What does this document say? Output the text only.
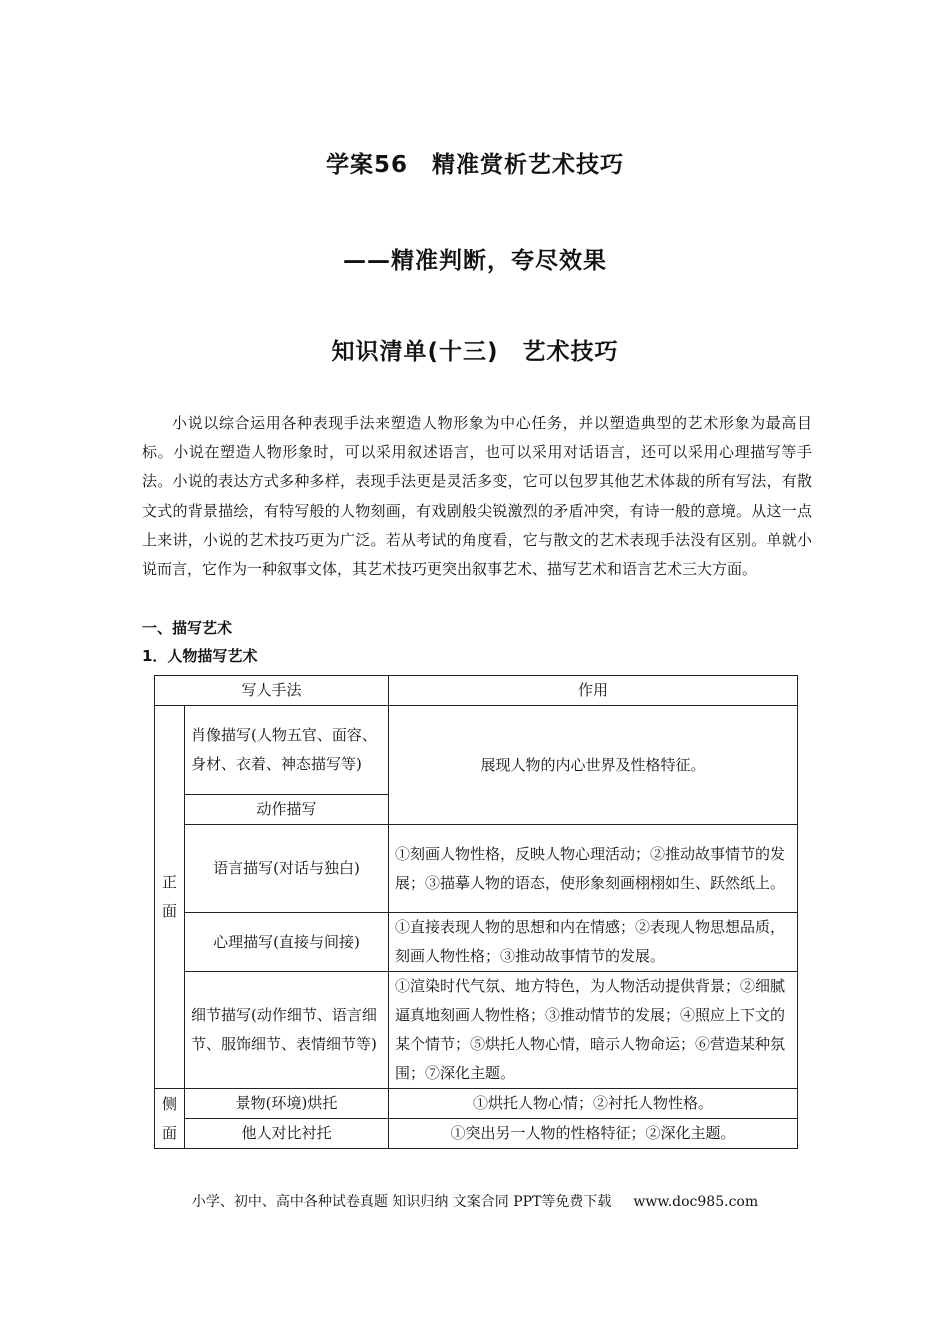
学案56　精准赏析艺术技巧
——精准判断，夸尽效果
知识清单(十三)　艺术技巧
小说以综合运用各种表现手法来塑造人物形象为中心任务，并以塑造典型的艺术形象为最高目标。小说在塑造人物形象时，可以采用叙述语言，也可以采用对话语言，还可以采用心理描写等手法。小说的表达方式多种多样，表现手法更是灵活多变，它可以包罗其他艺术体裁的所有写法，有散文式的背景描绘，有特写般的人物刻画，有戏剧般尖锐激烈的矛盾冲突，有诗一般的意境。从这一点上来讲，小说的艺术技巧更为广泛。若从考试的角度看，它与散文的艺术表现手法没有区别。单就小说而言，它作为一种叙事文体，其艺术技巧更突出叙事艺术、描写艺术和语言艺术三大方面。
一、描写艺术
1．人物描写艺术
写人手法		作用
正面	肖像描写(人物五官、面容、身材、衣着、神态描写等)	展现人物的内心世界及性格特征。
	动作描写	
	语言描写(对话与独白)	①刻画人物性格，反映人物心理活动；②推动故事情节的发展；③描摹人物的语态，使形象刻画栩栩如生、跃然纸上。
	心理描写(直接与间接)	①直接表现人物的思想和内在情感；②表现人物思想品质，刻画人物性格；③推动故事情节的发展。
	细节描写(动作细节、语言细节、服饰细节、表情细节等)	①渲染时代气氛、地方特色，为人物活动提供背景；②细腻逼真地刻画人物性格；③推动情节的发展；④照应上下文的某个情节；⑤烘托人物心情，暗示人物命运；⑥营造某种氛围；⑦深化主题。
侧面	景物(环境)烘托	①烘托人物心情；②衬托人物性格。
	他人对比衬托	①突出另一人物的性格特征；②深化主题。
小学、初中、高中各种试卷真题 知识归纳 文案合同 PPT等免费下载 www.doc985.com
